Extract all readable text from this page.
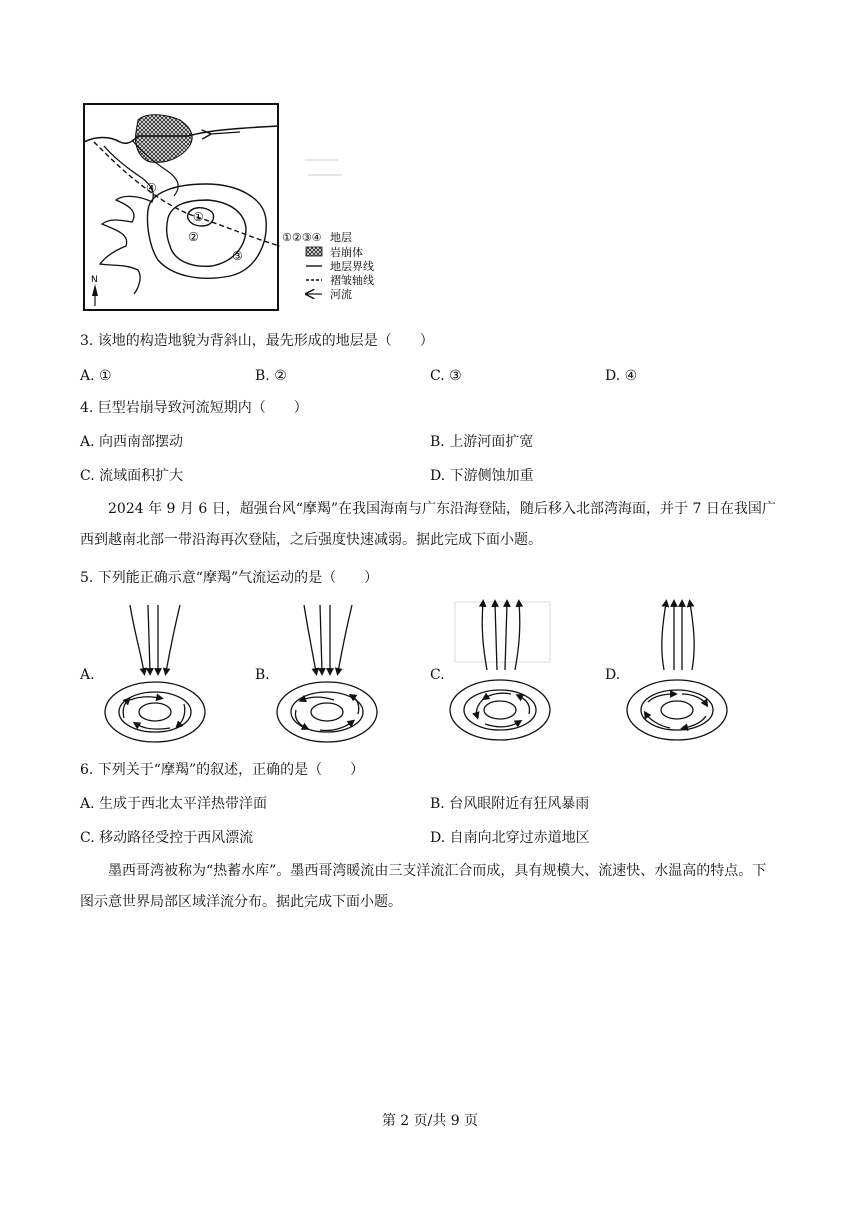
N
①
②
③
④
①②③④ 地层
岩崩体
地层界线
褶皱轴线
河流
3. 该地的构造地貌为背斜山，最先形成的地层是（　　）
A. ①	B. ②	C. ③	D. ④
4. 巨型岩崩导致河流短期内（　　）
A. 向西南部摆动	B. 上游河面扩宽
C. 流域面积扩大	D. 下游侧蚀加重
2024 年 9 月 6 日，超强台风“摩羯”在我国海南与广东沿海登陆，随后移入北部湾海面，并于 7 日在我国广西到越南北部一带沿海再次登陆，之后强度快速减弱。据此完成下面小题。
5. 下列能正确示意“摩羯”气流运动的是（　　）
A.	B.	C.	D.
6. 下列关于“摩羯”的叙述，正确的是（　　）
A. 生成于西北太平洋热带洋面	B. 台风眼附近有狂风暴雨
C. 移动路径受控于西风漂流	D. 自南向北穿过赤道地区
墨西哥湾被称为“热蓄水库”。墨西哥湾暖流由三支洋流汇合而成，具有规模大、流速快、水温高的特点。下图示意世界局部区域洋流分布。据此完成下面小题。
第 2 页/共 9 页
